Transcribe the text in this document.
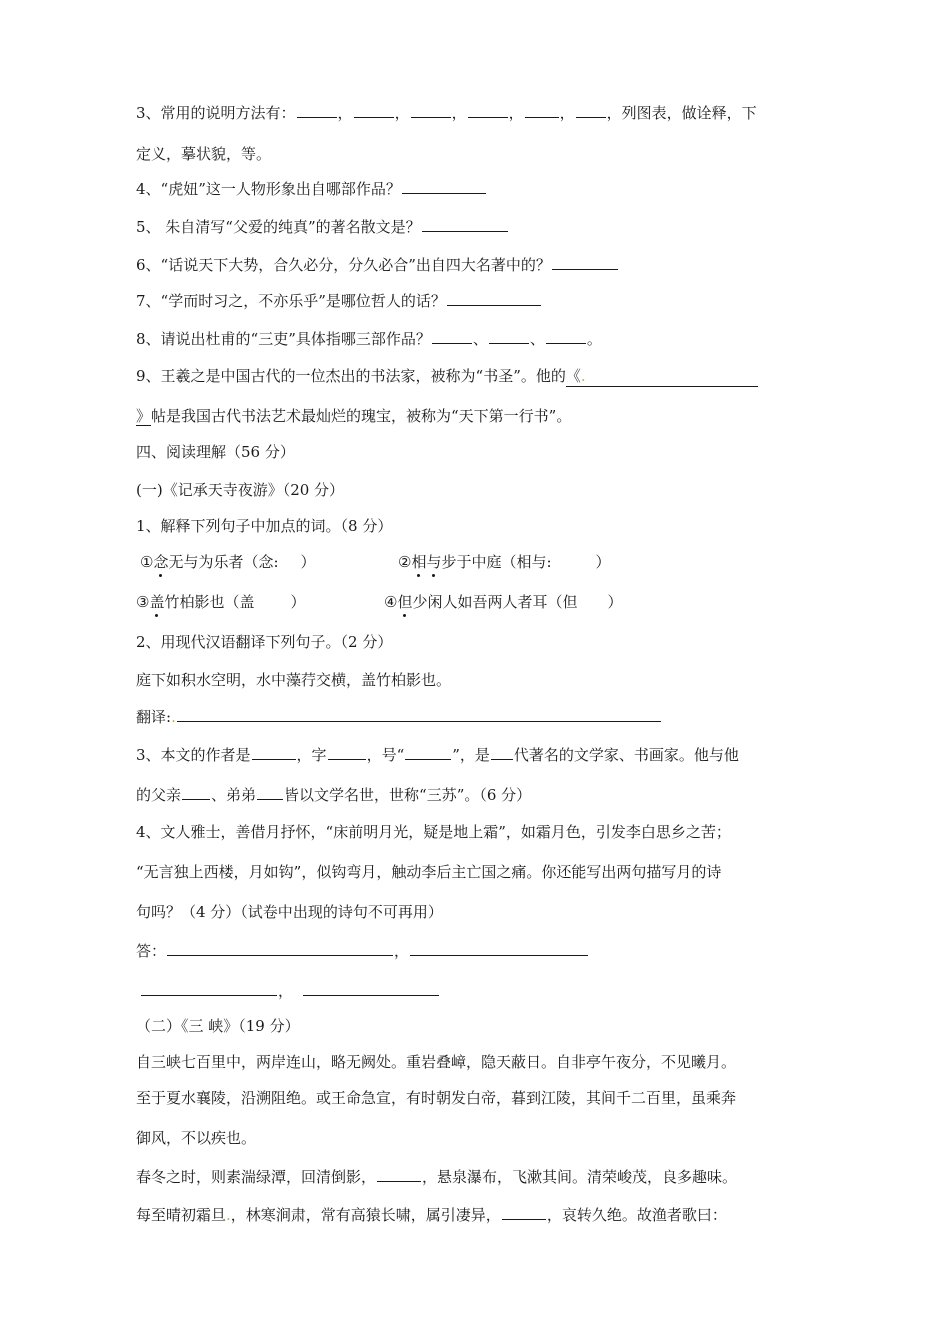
3、常用的说明方法有：	，	，	，	， ， ，列图表，做诠释，下
定义，摹状貌，等。
4、“虎妞”这一人物形象出自哪部作品？
5、 朱自清写“父爱的纯真”的著名散文是？
6、“话说天下大势，合久必分，分久必合”出自四大名著中的？
7、“学而时习之，不亦乐乎”是哪位哲人的话？
8、请说出杜甫的“三吏”具体指哪三部作品？	、	、	。
9、王羲之是中国古代的一位杰出的书法家，被称为“书圣”。他的《.
》帖是我国古代书法艺术最灿烂的瑰宝，被称为“天下第一行书”。
四、阅读理解（56 分）
(一)《记承天寺夜游》（20 分）
1、解释下列句子中加点的词。（8 分）
①念无与为乐者（念: ）	②相与步于中庭（相与:	）
③盖竹柏影也（盖 ）	④但少闲人如吾两人者耳（但 ）
2、用现代汉语翻译下列句子。（2 分）
庭下如积水空明，水中藻荇交横，盖竹柏影也。
翻译:.
3、本文的作者是	，字	，号“	”，是 代著名的文学家、书画家。他与他
的父亲 、弟弟 皆以文学名世，世称“三苏”。（6 分）
4、文人雅士，善借月抒怀，“床前明月光，疑是地上霜”，如霜月色，引发李白思乡之苦；
“无言独上西楼，月如钩”，似钩弯月，触动李后主亡国之痛。你还能写出两句描写月的诗
句吗？（4 分）（试卷中出现的诗句不可再用）
答：	，
，
（二）《三 峡》（19 分）
自三峡七百里中，两岸连山，略无阙处。重岩叠嶂，隐天蔽日。自非亭午夜分，不见曦月。
至于夏水襄陵，沿溯阻绝。或王命急宣，有时朝发白帝，暮到江陵，其间千二百里，虽乘奔
御风，不以疾也。
春冬之时，则素湍绿潭，回清倒影，	，悬泉瀑布，飞漱其间。清荣峻茂，良多趣味。
每至晴初霜旦.，林寒涧肃，常有高猿长啸，属引凄异，	，哀转久绝。故渔者歌曰：
